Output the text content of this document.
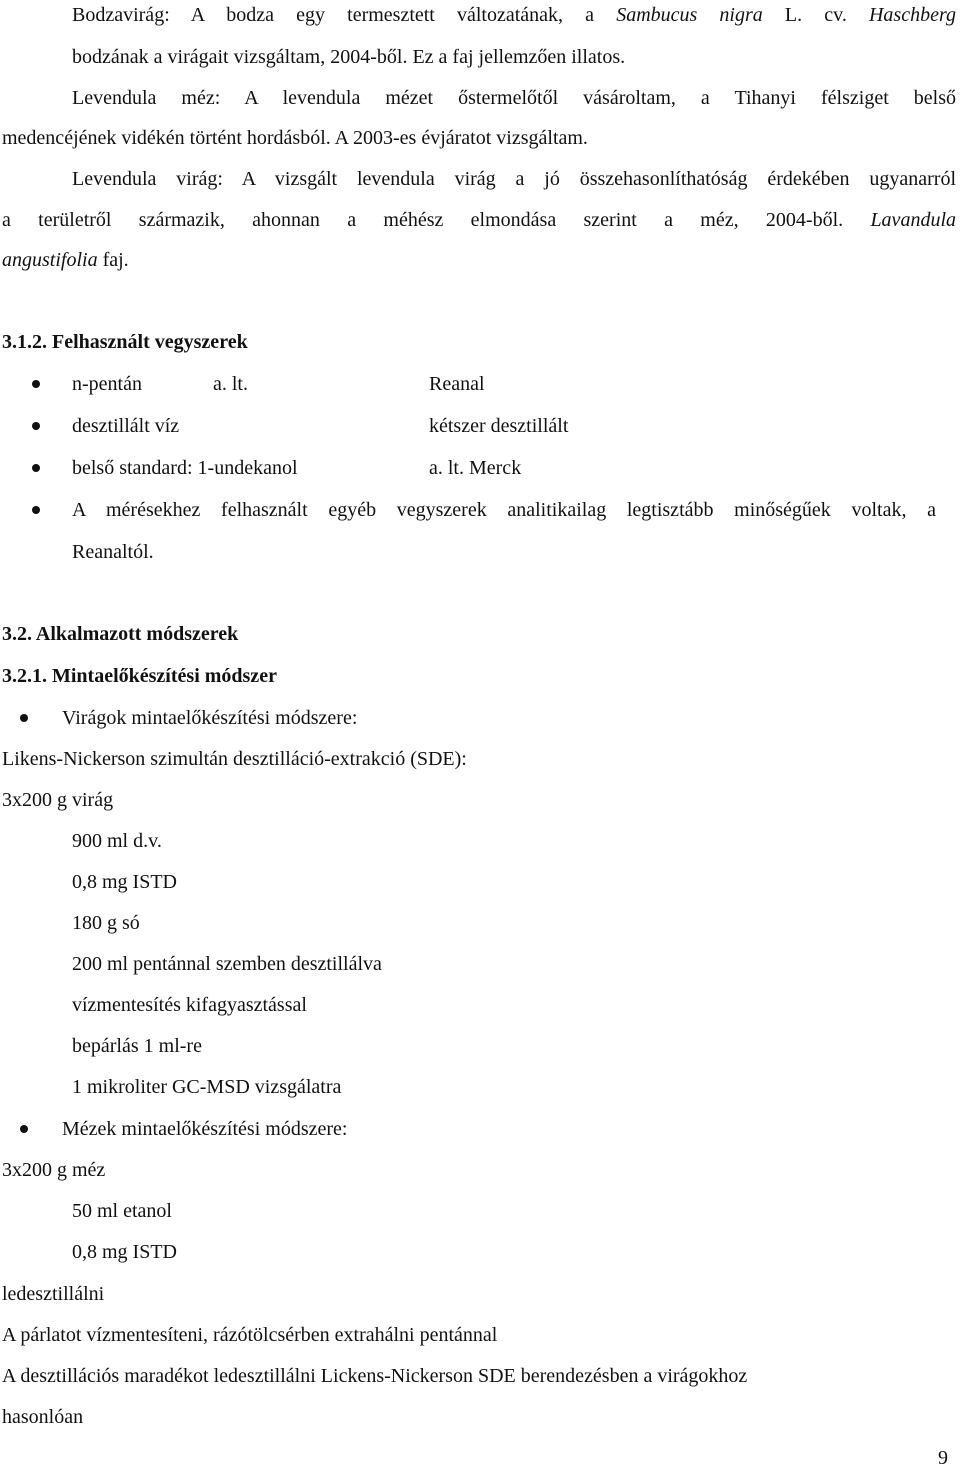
Bodzavirág: A bodza egy termesztett változatának, a Sambucus nigra L. cv. Haschberg
bodzának a virágait vizsgáltam, 2004-ből. Ez a faj jellemzően illatos.
Levendula méz: A levendula mézet őstermelőtől vásároltam, a Tihanyi félsziget belső
medencéjének vidékén történt hordásból. A 2003-es évjáratot vizsgáltam.
Levendula virág: A vizsgált levendula virág a jó összehasonlíthatóság érdekében ugyanarról
a területről származik, ahonnan a méhész elmondása szerint a méz, 2004-ből. Lavandula
angustifolia faj.
3.1.2. Felhasznált vegyszerek
n-pentán	a. lt.	Reanal
desztillált víz	kétszer desztillált
belső standard: 1-undekanol	a. lt. Merck
A mérésekhez felhasznált egyéb vegyszerek analitikailag legtisztább minőségűek voltak, a
Reanaltól.
3.2. Alkalmazott módszerek
3.2.1. Mintaelőkészítési módszer
Virágok mintaelőkészítési módszere:
Likens-Nickerson szimultán desztilláció-extrakció (SDE):
3x200 g virág
900 ml d.v.
0,8 mg ISTD
180 g só
200 ml pentánnal szemben desztillálva
vízmentesítés kifagyasztással
bepárlás 1 ml-re
1 mikroliter GC-MSD vizsgálatra
Mézek mintaelőkészítési módszere:
3x200 g méz
50 ml etanol
0,8 mg ISTD
ledesztillálni
A párlatot vízmentesíteni, rázótölcsérben extrahálni pentánnal
A desztillációs maradékot ledesztillálni Lickens-Nickerson SDE berendezésben a virágokhoz
hasonlóan
9
